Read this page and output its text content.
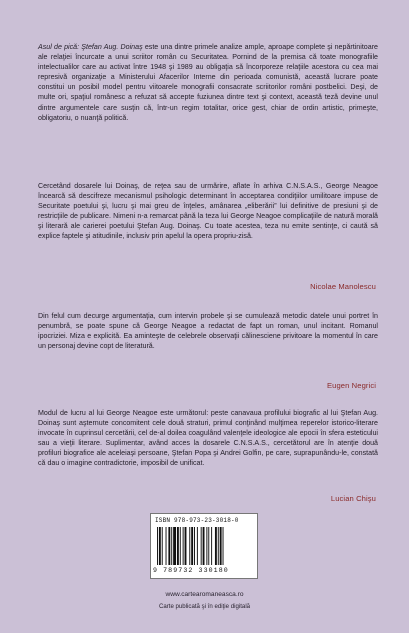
Asul de pică: Ştefan Aug. Doinaş este una dintre primele analize ample, aproape complete şi nepărtinitoare ale relaţiei încurcate a unui scriitor român cu Securitatea. Pornind de la premisa că toate monografiile intelectualilor care au activat între 1948 şi 1989 au obligaţia să încorporeze relaţiile acestora cu cea mai represivă organizaţie a Ministerului Afacerilor Interne din perioada comunistă, această lucrare poate constitui un posibil model pentru viitoarele monografii consacrate scriitorilor români postbelici. Deşi, de multe ori, spaţiul românesc a refuzat să accepte fuziunea dintre text şi context, această teză devine unul dintre argumentele care susţin că, într-un regim totalitar, orice gest, chiar de ordin artistic, primeşte, obligatoriu, o nuanţă politică.

Cercetând dosarele lui Doinaş, de reţea sau de urmărire, aflate în arhiva C.N.S.A.S., George Neagoe încearcă să descifreze mecanismul psihologic determinant în acceptarea condiţiilor umilitoare impuse de Securitate poetului şi, lucru şi mai greu de înţeles, amânarea „eliberării” lui definitive de presiuni şi de restricţiile de publicare. Nimeni n-a remarcat până la teza lui George Neagoe complicaţiile de natură morală şi literară ale carierei poetului Ştefan Aug. Doinaş. Cu toate acestea, teza nu emite sentinţe, ci caută să explice faptele şi atitudinile, inclusiv prin apelul la opera propriu-zisă.

Nicolae Manolescu

Din felul cum decurge argumentaţia, cum intervin probele şi se cumulează metodic datele unui portret în penumbră, se poate spune că George Neagoe a redactat de fapt un roman, unul incitant. Romanul ipocriziei. Miza e explicită. Ea aminteşte de celebrele observaţii călinesciene privitoare la momentul în care un personaj devine copt de literatură.

Eugen Negrici

Modul de lucru al lui George Neagoe este următorul: peste canavaua profilului biografic al lui Ştefan Aug. Doinaş sunt aşternute concomitent cele două straturi, primul conţinând mulţimea reperelor istorico-literare invocate în cuprinsul cercetării, cel de-al doilea coagulând valenţele ideologice ale epocii în sfera esteticului sau a vieţii literare. Suplimentar, având acces la dosarele C.N.S.A.S., cercetătorul are în atenţie două profiluri biografice ale aceleiaşi persoane, Ştefan Popa şi Andrei Golfin, pe care, suprapunându-le, constată că dau o imagine contradictorie, imposibil de unificat.

Lucian Chişu
ISBN 978-973-23-3018-0
9 789732 330180
www.cartearomaneasca.ro
Carte publicată şi în ediţie digitală
